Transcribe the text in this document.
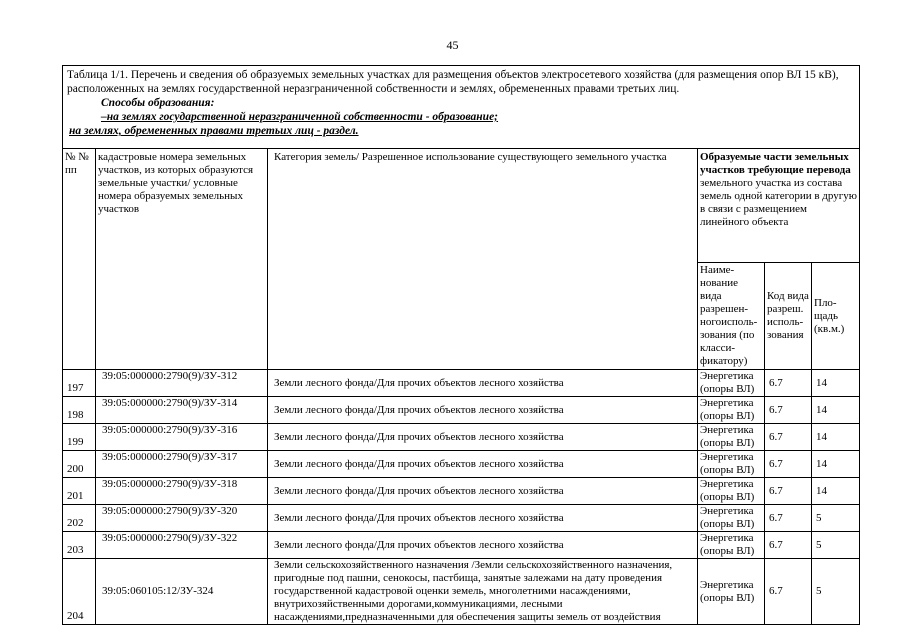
45
Таблица 1/1. Перечень и сведения об образуемых земельных участках для размещения объектов электросетевого хозяйства (для размещения опор ВЛ 15 кВ), расположенных на землях государственной неразграниченной собственности и землях, обремененных правами третьих лиц.
Способы образования:
–на землях государственной неразграниченной собственности - образование;
на землях, обремененных правами третьих лиц - раздел.					

№ № пп	кадастровые номера земельных участков, из которых образуются земельные участки/ условные номера образуемых земельных участков	Категория земель/ Разрешенное использование существующего земельного участка	Образуемые части земельных участков требующие перевода земельного участка из состава земель одной категории в другую в связи с размещением линейного объекта		
			Наиме-нование вида разрешен-ногоисполь-зования (по класси-фикатору)	Код вида разреш. исполь-зования	Пло-щадь (кв.м.)
197	39:05:000000:2790(9)/ЗУ-312	Земли лесного фонда/Для прочих объектов лесного хозяйства	Энергетика (опоры ВЛ)	6.7	14
198	39:05:000000:2790(9)/ЗУ-314	Земли лесного фонда/Для прочих объектов лесного хозяйства	Энергетика (опоры ВЛ)	6.7	14
199	39:05:000000:2790(9)/ЗУ-316	Земли лесного фонда/Для прочих объектов лесного хозяйства	Энергетика (опоры ВЛ)	6.7	14
200	39:05:000000:2790(9)/ЗУ-317	Земли лесного фонда/Для прочих объектов лесного хозяйства	Энергетика (опоры ВЛ)	6.7	14
201	39:05:000000:2790(9)/ЗУ-318	Земли лесного фонда/Для прочих объектов лесного хозяйства	Энергетика (опоры ВЛ)	6.7	14
202	39:05:000000:2790(9)/ЗУ-320	Земли лесного фонда/Для прочих объектов лесного хозяйства	Энергетика (опоры ВЛ)	6.7	5
203	39:05:000000:2790(9)/ЗУ-322	Земли лесного фонда/Для прочих объектов лесного хозяйства	Энергетика (опоры ВЛ)	6.7	5
204	39:05:060105:12/ЗУ-324	Земли сельскохозяйственного назначения /Земли сельскохозяйственного назначения, пригодные под пашни, сенокосы, пастбища, занятые залежами на дату проведения государственной кадастровой оценки земель, многолетними насаждениями, внутрихозяйственными дорогами,коммуникациями, лесными насаждениями,предназначенными для обеспечения защиты земель от воздействия	Энергетика (опоры ВЛ)	6.7	5
